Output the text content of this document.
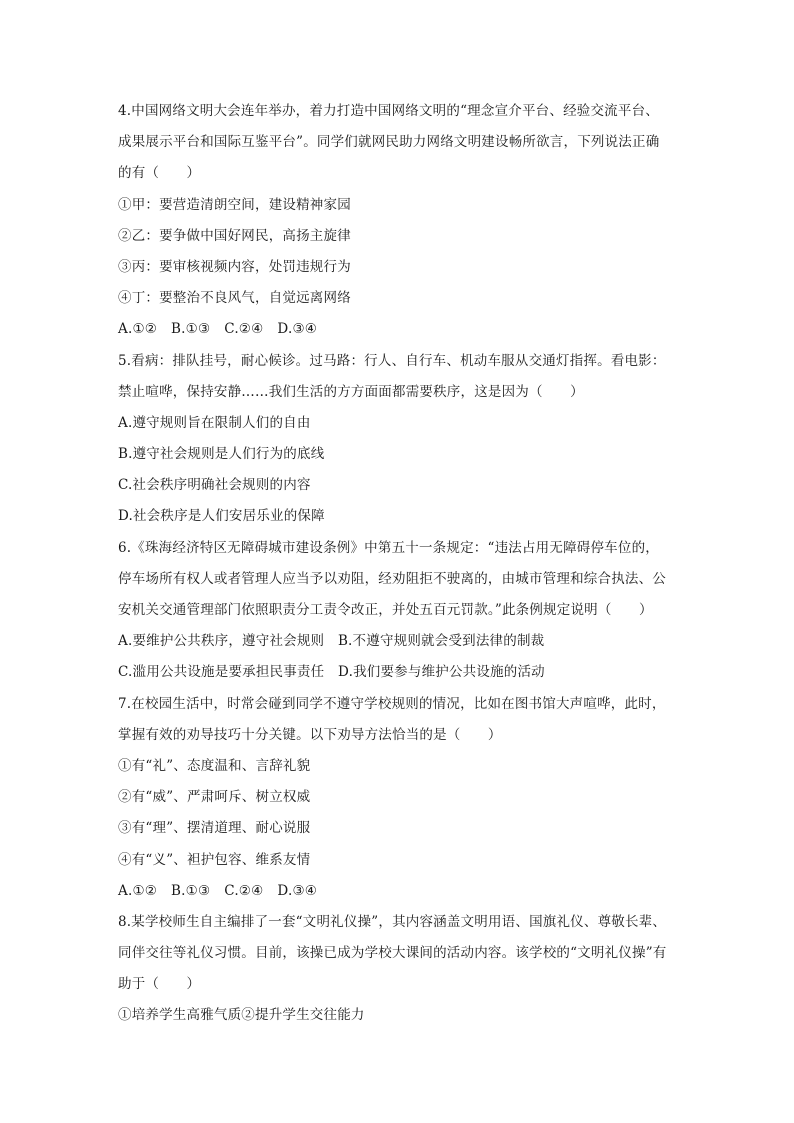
4.中国网络文明大会连年举办，着力打造中国网络文明的“理念宣介平台、经验交流平台、
成果展示平台和国际互鉴平台”。同学们就网民助力网络文明建设畅所欲言，下列说法正确
的有（　　）
①甲：要营造清朗空间，建设精神家园
②乙：要争做中国好网民，高扬主旋律
③丙：要审核视频内容，处罚违规行为
④丁：要整治不良风气，自觉远离网络
A.①② B.①③ C.②④ D.③④
5.看病：排队挂号，耐心候诊。过马路：行人、自行车、机动车服从交通灯指挥。看电影：
禁止喧哗，保持安静……我们生活的方方面面都需要秩序，这是因为（　　）
A.遵守规则旨在限制人们的自由
B.遵守社会规则是人们行为的底线
C.社会秩序明确社会规则的内容
D.社会秩序是人们安居乐业的保障
6.《珠海经济特区无障碍城市建设条例》中第五十一条规定：“违法占用无障碍停车位的，
停车场所有权人或者管理人应当予以劝阻，经劝阻拒不驶离的，由城市管理和综合执法、公
安机关交通管理部门依照职责分工责令改正，并处五百元罚款。”此条例规定说明（　　）
A.要维护公共秩序，遵守社会规则　B.不遵守规则就会受到法律的制裁
C.滥用公共设施是要承担民事责任　D.我们要参与维护公共设施的活动
7.在校园生活中，时常会碰到同学不遵守学校规则的情况，比如在图书馆大声喧哗，此时，
掌握有效的劝导技巧十分关键。以下劝导方法恰当的是（　　）
①有“礼”、态度温和、言辞礼貌
②有“威”、严肃呵斥、树立权威
③有“理”、摆清道理、耐心说服
④有“义”、袒护包容、维系友情
A.①② B.①③ C.②④ D.③④
8.某学校师生自主编排了一套“文明礼仪操”，其内容涵盖文明用语、国旗礼仪、尊敬长辈、
同伴交往等礼仪习惯。目前，该操已成为学校大课间的活动内容。该学校的“文明礼仪操”有
助于（　　）
①培养学生高雅气质②提升学生交往能力
